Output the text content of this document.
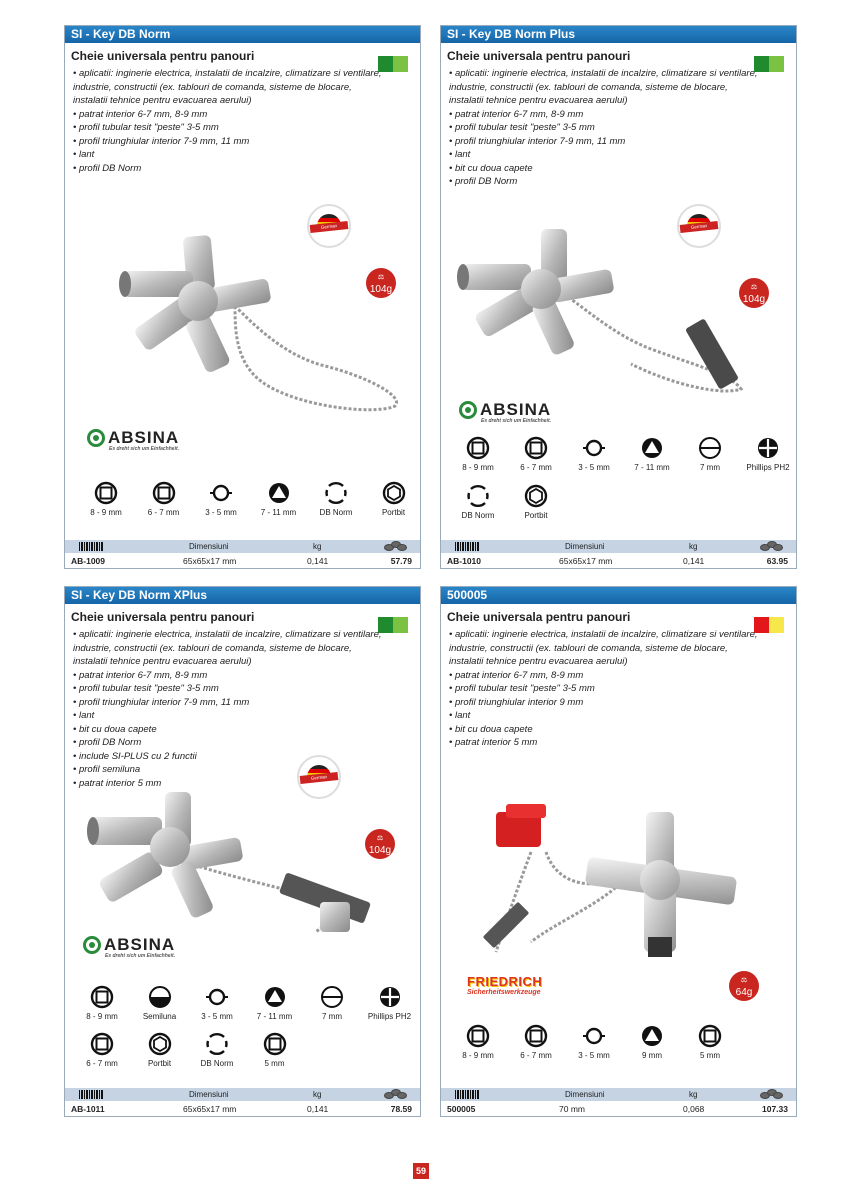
SI - Key DB Norm
Cheie universala pentru panouri
• aplicatii: inginerie electrica, instalatii de incalzire, climatizare si ventilare,
industrie, constructii (ex. tablouri de comanda, sisteme de blocare,
instalatii tehnice pentru evacuarea aerului)
• patrat interior 6-7 mm, 8-9 mm
• profil tubular tesit "peste" 3-5 mm
• profil triunghiular interior 7-9 mm, 11 mm
• lant
• profil DB Norm
German Engineering
⚖
104g
ABSINA
Es dreht sich um Einfachheit.
Dimensiuni	kg
AB-1009	65x65x17 mm	0,141	57.79
8 - 9 mm	6 - 7 mm	3 - 5 mm	7 - 11 mm	DB Norm	Portbit
SI - Key DB Norm Plus
Cheie universala pentru panouri
• aplicatii: inginerie electrica, instalatii de incalzire, climatizare si ventilare,
industrie, constructii (ex. tablouri de comanda, sisteme de blocare,
instalatii tehnice pentru evacuarea aerului)
• patrat interior 6-7 mm, 8-9 mm
• profil tubular tesit "peste" 3-5 mm
• profil triunghiular interior 7-9 mm, 11 mm
• lant
• bit cu doua capete
• profil DB Norm
German Engineering
⚖
104g
ABSINA
Es dreht sich um Einfachheit.
Dimensiuni	kg
AB-1010	65x65x17 mm	0,141	63.95
8 - 9 mm	6 - 7 mm	3 - 5 mm	7 - 11 mm	7 mm	Phillips PH2
DB Norm	Portbit
SI - Key DB Norm XPlus
Cheie universala pentru panouri
• aplicatii: inginerie electrica, instalatii de incalzire, climatizare si ventilare,
industrie, constructii (ex. tablouri de comanda, sisteme de blocare,
instalatii tehnice pentru evacuarea aerului)
• patrat interior 6-7 mm, 8-9 mm
• profil tubular tesit "peste" 3-5 mm
• profil triunghiular interior 7-9 mm, 11 mm
• lant
• bit cu doua capete
• profil DB Norm
• include SI-PLUS cu 2 functii
• profil semiluna
• patrat interior 5 mm	German Engineering
⚖
104g
ABSINA
Es dreht sich um Einfachheit.
Dimensiuni	kg
AB-1011	65x65x17 mm	0,141	78.59
8 - 9 mm	Semiluna	3 - 5 mm	7 - 11 mm	7 mm	Phillips PH2
6 - 7 mm	Portbit	DB Norm	5 mm
500005
Cheie universala pentru panouri
• aplicatii: inginerie electrica, instalatii de incalzire, climatizare si ventilare,
industrie, constructii (ex. tablouri de comanda, sisteme de blocare,
instalatii tehnice pentru evacuarea aerului)
• patrat interior 6-7 mm, 8-9 mm
• profil tubular tesit "peste" 3-5 mm
• profil triunghiular interior 9 mm
• lant
• bit cu doua capete
• patrat interior 5 mm
⚖
64g
FRIEDRICH
Sicherheitswerkzeuge
Dimensiuni	kg
500005	70 mm	0,068	107.33
8 - 9 mm	6 - 7 mm	3 - 5 mm	9 mm	5 mm
59
